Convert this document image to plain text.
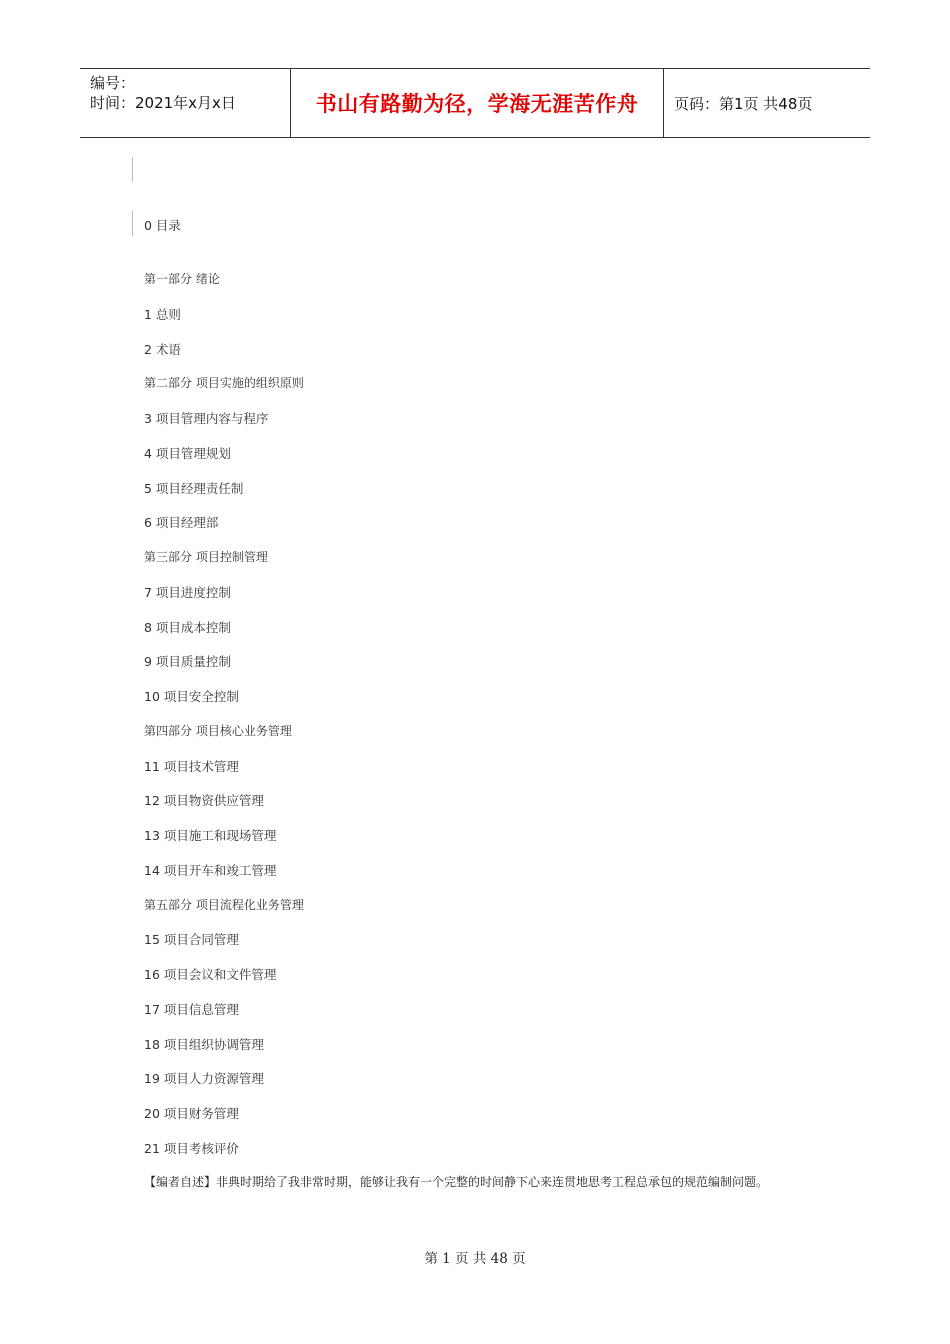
编号：
时间：2021年x月x日	书山有路勤为径，学海无涯苦作舟	页码：第1页 共48页
0 目录
第一部分 绪论
1 总则
2 术语
第二部分 项目实施的组织原则
3 项目管理内容与程序
4 项目管理规划
5 项目经理责任制
6 项目经理部
第三部分 项目控制管理
7 项目进度控制
8 项目成本控制
9 项目质量控制
10 项目安全控制
第四部分 项目核心业务管理
11 项目技术管理
12 项目物资供应管理
13 项目施工和现场管理
14 项目开车和竣工管理
第五部分 项目流程化业务管理
15 项目合同管理
16 项目会议和文件管理
17 项目信息管理
18 项目组织协调管理
19 项目人力资源管理
20 项目财务管理
21 项目考核评价
【编者自述】非典时期给了我非常时期，能够让我有一个完整的时间静下心来连贯地思考工程总承包的规范编制问题。
第 1 页 共 48 页
